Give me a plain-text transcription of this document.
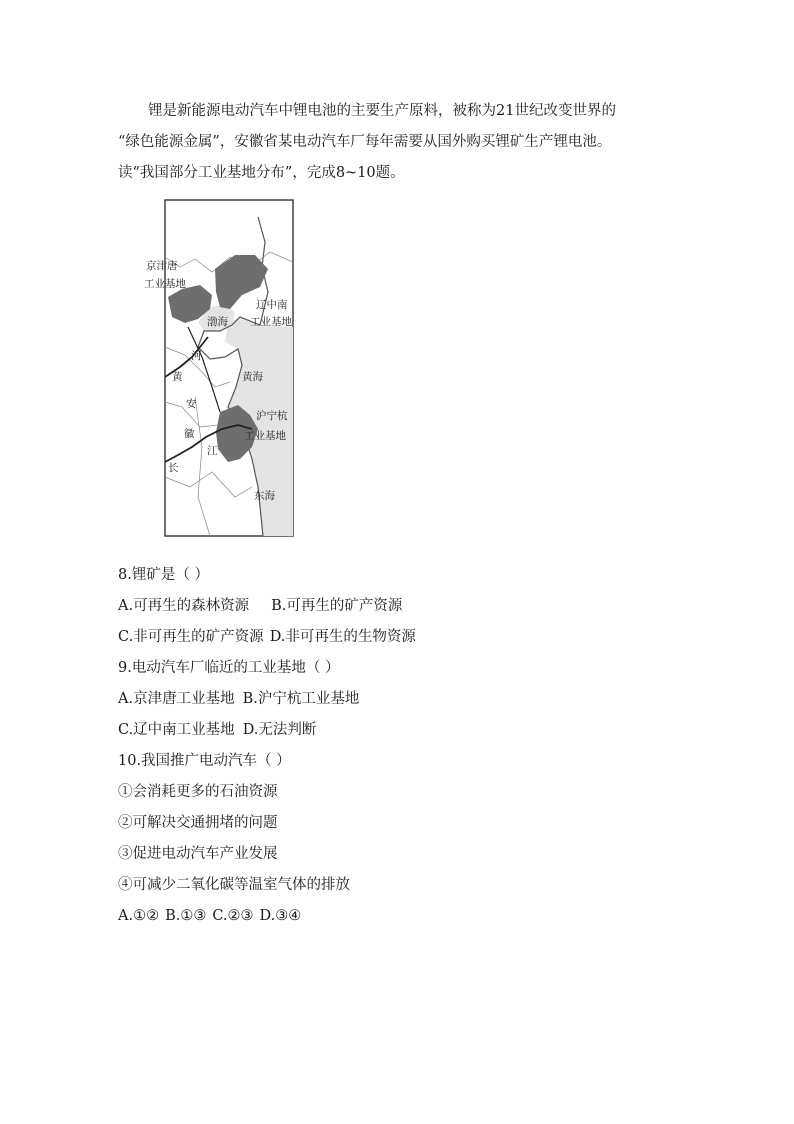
锂是新能源电动汽车中锂电池的主要生产原料，被称为21世纪改变世界的

“绿色能源金属”，安徽省某电动汽车厂每年需要从国外购买锂矿生产锂电池。

读“我国部分工业基地分布”，完成8~10题。

京津唐
工业基地
辽中南
工业基地
渤海
河
黄	黄海
安
沪宁杭
工业基地
徽
江
长
东海
8.锂矿是（ ）
A.可再生的森林资源 B.可再生的矿产资源
C.非可再生的矿产资源 D.非可再生的生物资源
9.电动汽车厂临近的工业基地（ ）
A.京津唐工业基地 B.沪宁杭工业基地
C.辽中南工业基地 D.无法判断
10.我国推广电动汽车（ ）
①会消耗更多的石油资源
②可解决交通拥堵的问题
③促进电动汽车产业发展
④可减少二氧化碳等温室气体的排放
A.①② B.①③ C.②③ D.③④
